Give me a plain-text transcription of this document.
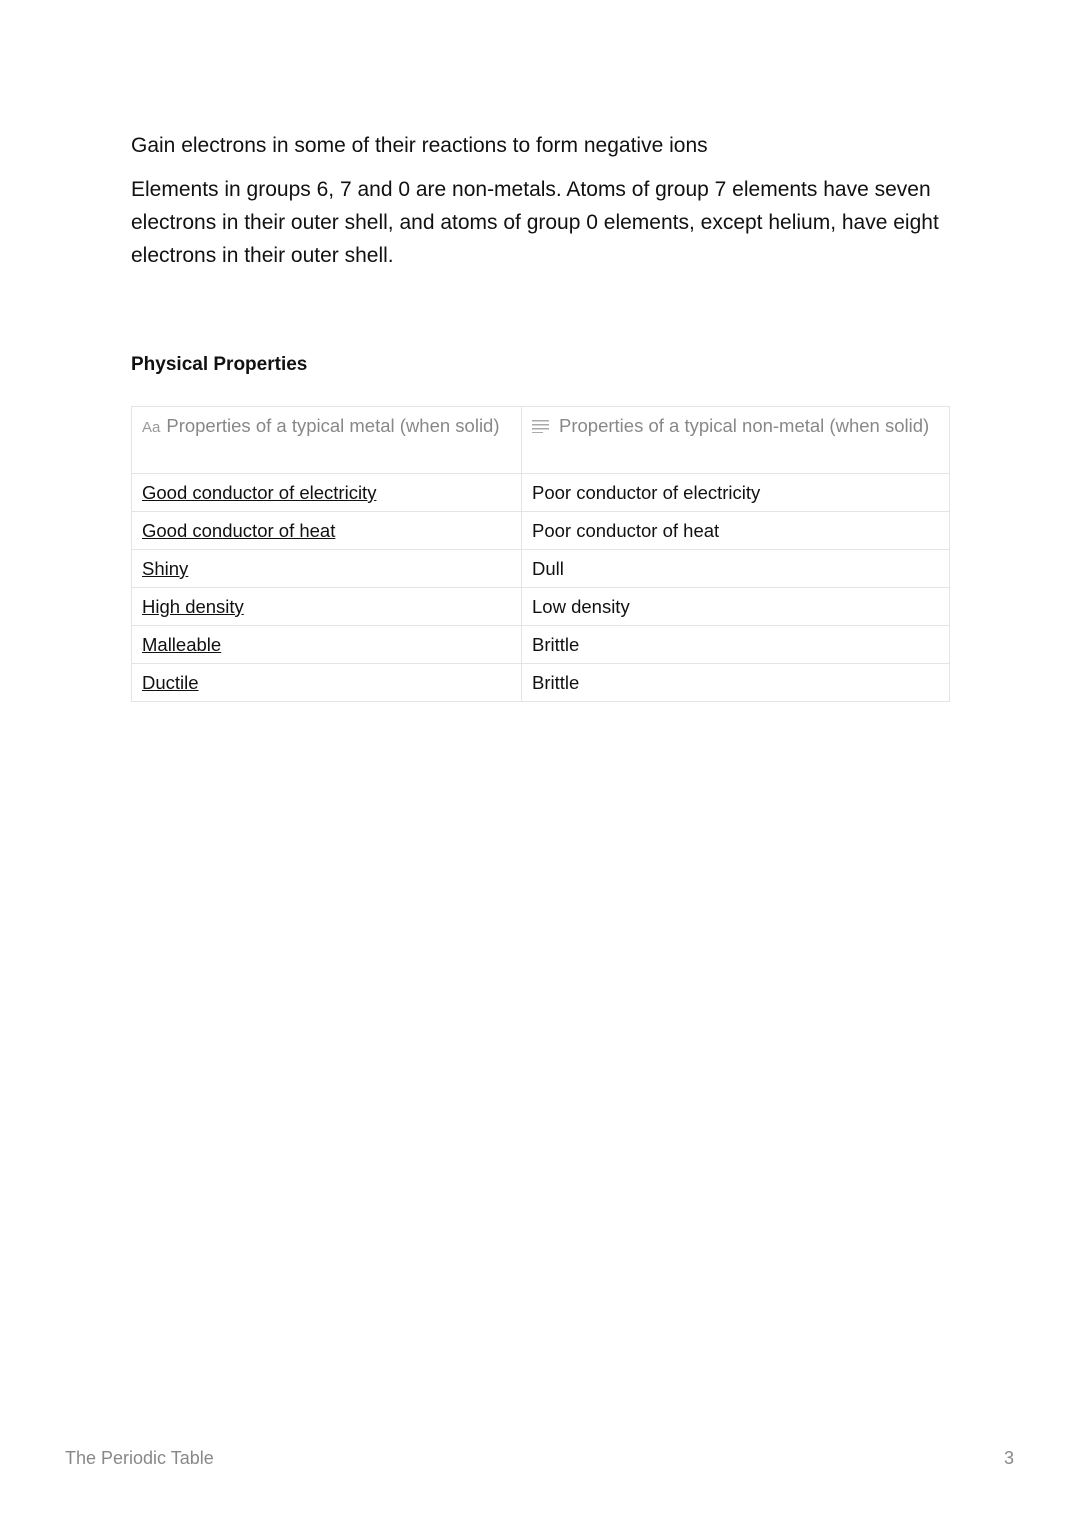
Gain electrons in some of their reactions to form negative ions

Elements in groups 6, 7 and 0 are non-metals. Atoms of group 7 elements have seven electrons in their outer shell, and atoms of group 0 elements, except helium, have eight electrons in their outer shell.

Physical Properties
Aa Properties of a typical metal (when solid)	Properties of a typical non-metal (when solid)
Good conductor of electricity	Poor conductor of electricity
Good conductor of heat	Poor conductor of heat
Shiny	Dull
High density	Low density
Malleable	Brittle
Ductile	Brittle
The Periodic Table	3
